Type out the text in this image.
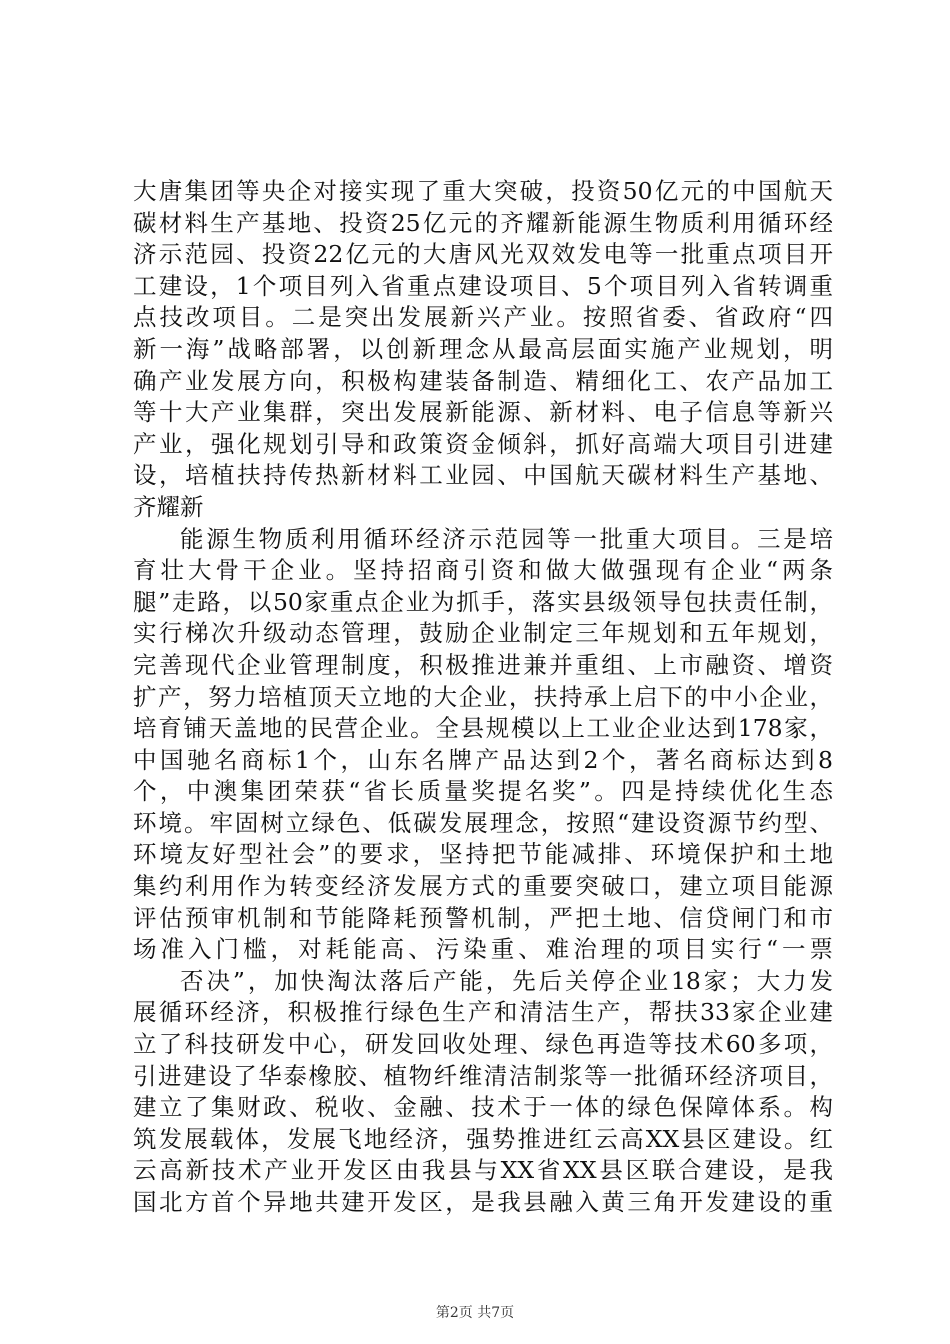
大唐集团等央企对接实现了重大突破，投资50亿元的中国航天
碳材料生产基地、投资25亿元的齐耀新能源生物质利用循环经
济示范园、投资22亿元的大唐风光双效发电等一批重点项目开
工建设，1个项目列入省重点建设项目、5个项目列入省转调重
点技改项目。二是突出发展新兴产业。按照省委、省政府“四
新一海”战略部署，以创新理念从最高层面实施产业规划，明
确产业发展方向，积极构建装备制造、精细化工、农产品加工
等十大产业集群，突出发展新能源、新材料、电子信息等新兴
产业，强化规划引导和政策资金倾斜，抓好高端大项目引进建
设，培植扶持传热新材料工业园、中国航天碳材料生产基地、
齐耀新
能源生物质利用循环经济示范园等一批重大项目。三是培
育壮大骨干企业。坚持招商引资和做大做强现有企业“两条
腿”走路，以50家重点企业为抓手，落实县级领导包扶责任制，
实行梯次升级动态管理，鼓励企业制定三年规划和五年规划，
完善现代企业管理制度，积极推进兼并重组、上市融资、增资
扩产，努力培植顶天立地的大企业，扶持承上启下的中小企业，
培育铺天盖地的民营企业。全县规模以上工业企业达到178家，
中国驰名商标1个，山东名牌产品达到2个，著名商标达到8
个，中澳集团荣获“省长质量奖提名奖”。四是持续优化生态
环境。牢固树立绿色、低碳发展理念，按照“建设资源节约型、
环境友好型社会”的要求，坚持把节能减排、环境保护和土地
集约利用作为转变经济发展方式的重要突破口，建立项目能源
评估预审机制和节能降耗预警机制，严把土地、信贷闸门和市
场准入门槛，对耗能高、污染重、难治理的项目实行“一票
否决”，加快淘汰落后产能，先后关停企业18家；大力发
展循环经济，积极推行绿色生产和清洁生产，帮扶33家企业建
立了科技研发中心，研发回收处理、绿色再造等技术60多项，
引进建设了华泰橡胶、植物纤维清洁制浆等一批循环经济项目，
建立了集财政、税收、金融、技术于一体的绿色保障体系。构
筑发展载体，发展飞地经济，强势推进红云高XX县区建设。红
云高新技术产业开发区由我县与XX省XX县区联合建设，是我
国北方首个异地共建开发区，是我县融入黄三角开发建设的重
第2页 共7页
